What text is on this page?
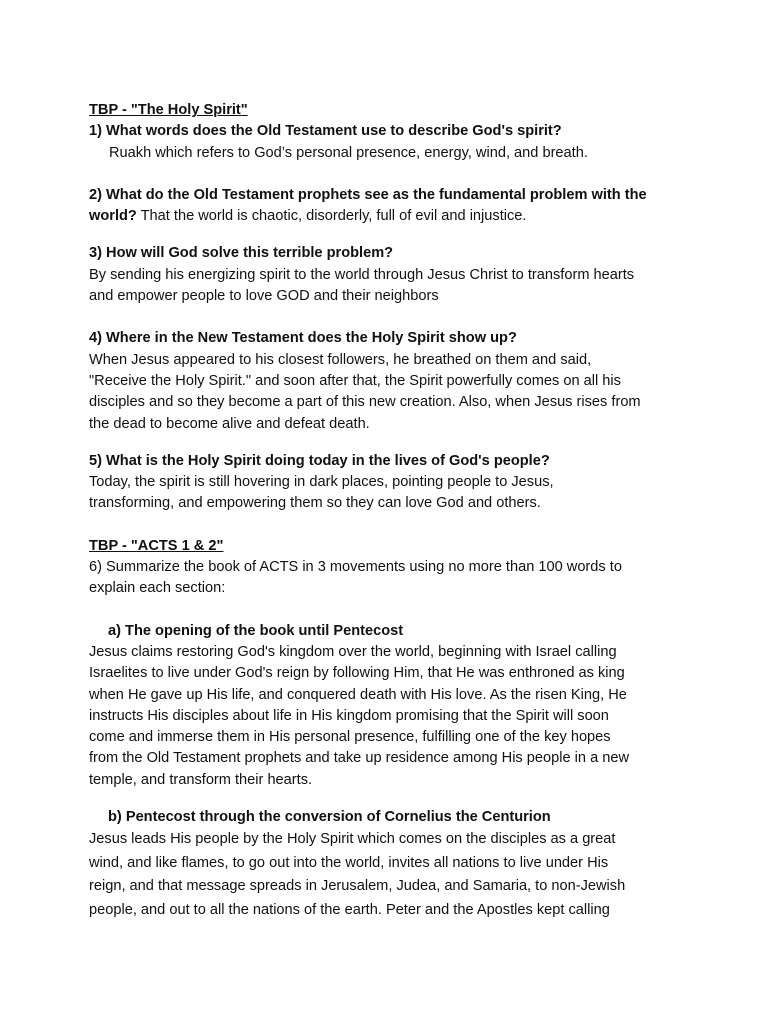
TBP - "The Holy Spirit"

1) What words does the Old Testament use to describe God's spirit?

Ruakh which refers to God’s personal presence, energy, wind, and breath.

2) What do the Old Testament prophets see as the fundamental problem with the

world? That the world is chaotic, disorderly, full of evil and injustice.

3) How will God solve this terrible problem?

By sending his energizing spirit to the world through Jesus Christ to transform hearts

and empower people to love GOD and their neighbors

4) Where in the New Testament does the Holy Spirit show up?

When Jesus appeared to his closest followers, he breathed on them and said,

"Receive the Holy Spirit." and soon after that, the Spirit powerfully comes on all his

disciples and so they become a part of this new creation. Also, when Jesus rises from

the dead to become alive and defeat death.

5) What is the Holy Spirit doing today in the lives of God's people?

Today, the spirit is still hovering in dark places, pointing people to Jesus,

transforming, and empowering them so they can love God and others.

TBP - "ACTS 1 & 2"

6) Summarize the book of ACTS in 3 movements using no more than 100 words to

explain each section:

a) The opening of the book until Pentecost

Jesus claims restoring God's kingdom over the world, beginning with Israel calling

Israelites to live under God's reign by following Him, that He was enthroned as king

when He gave up His life, and conquered death with His love. As the risen King, He

instructs His disciples about life in His kingdom promising that the Spirit will soon

come and immerse them in His personal presence, fulfilling one of the key hopes

from the Old Testament prophets and take up residence among His people in a new

temple, and transform their hearts.

b) Pentecost through the conversion of Cornelius the Centurion

Jesus leads His people by the Holy Spirit which comes on the disciples as a great

wind, and like flames, to go out into the world, invites all nations to live under His

reign, and that message spreads in Jerusalem, Judea, and Samaria, to non-Jewish

people, and out to all the nations of the earth. Peter and the Apostles kept calling
